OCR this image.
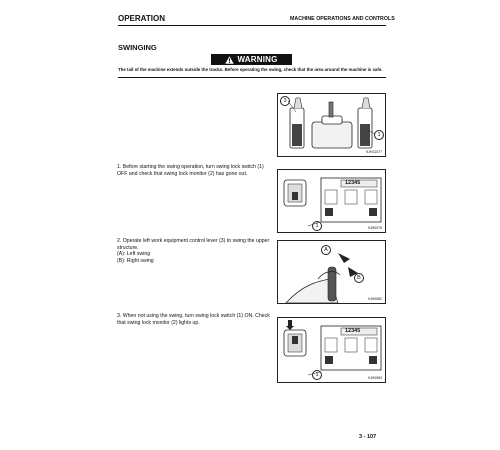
OPERATION	MACHINE OPERATIONS AND CONTROLS
SWINGING
WARNING
The tail of the machine extends outside the tracks. Before operating the swing, check that the area around the machine is safe.
3
1
9JH11077
1. Before starting the swing operation, turn swing lock switch (1) OFF and check that swing lock monitor (2) has gone out.
12345
1	9JH0975
2. Operate left work equipment control lever (3) to swing the upper structure.
(A): Left swing
(B): Right swing
A
B
9JH0982
3. When not using the swing, turn swing lock switch (1) ON. Check that swing lock monitor (2) lights up.
12345
1	9JH0983
3 - 107
